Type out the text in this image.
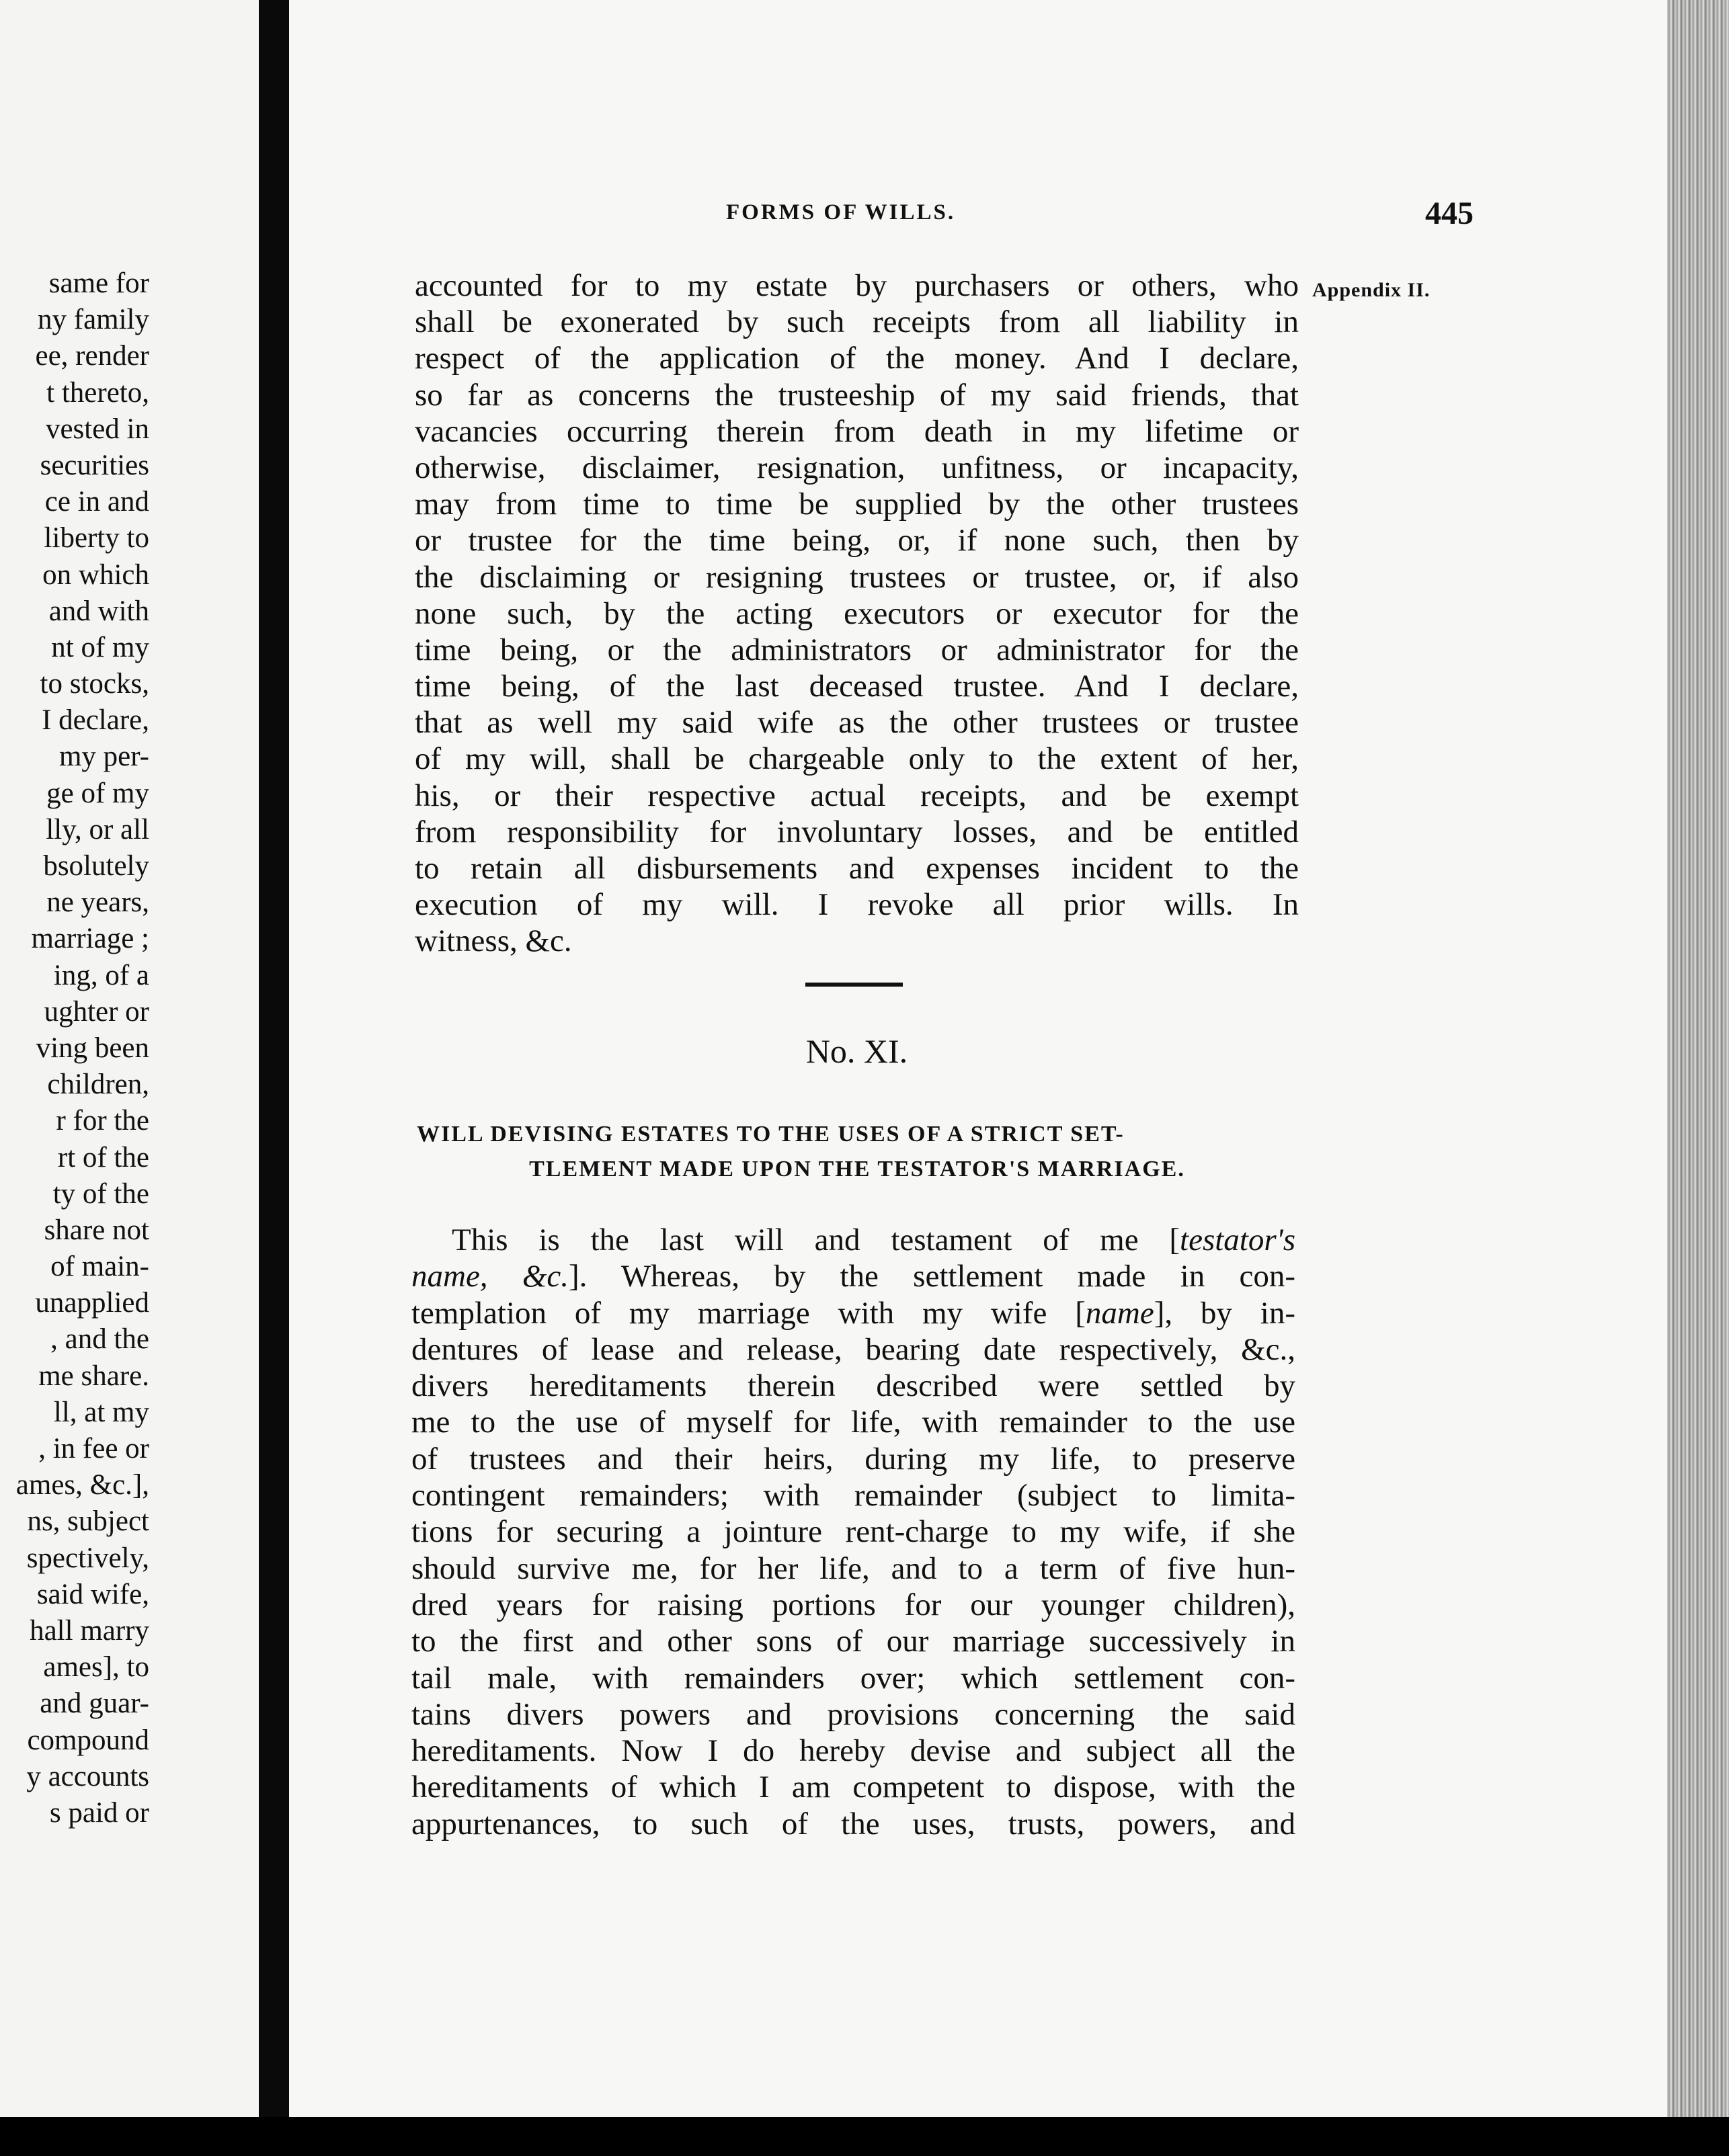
same for
ny family
ee, render
t thereto,
vested in
securities
ce in and
liberty to
on which
and with
nt of my
to stocks,
I declare,
my per-
ge of my
lly, or all
bsolutely
ne years,
marriage ;
ing, of a
ughter or
ving been
children,
r for the
rt of the
ty of the
share not
of main-
unapplied
, and the
me share.
ll, at my
, in fee or
ames, &c.],
ns, subject
spectively,
said wife,
hall marry
ames], to
and guar-
compound
y accounts
s paid or
FORMS OF WILLS.	445
Appendix II.
accounted for to my estate by purchasers or others, who
shall be exonerated by such receipts from all liability in
respect of the application of the money. And I declare,
so far as concerns the trusteeship of my said friends, that
vacancies occurring therein from death in my lifetime or
otherwise, disclaimer, resignation, unfitness, or incapacity,
may from time to time be supplied by the other trustees
or trustee for the time being, or, if none such, then by
the disclaiming or resigning trustees or trustee, or, if also
none such, by the acting executors or executor for the
time being, or the administrators or administrator for the
time being, of the last deceased trustee. And I declare,
that as well my said wife as the other trustees or trustee
of my will, shall be chargeable only to the extent of her,
his, or their respective actual receipts, and be exempt
from responsibility for involuntary losses, and be entitled
to retain all disbursements and expenses incident to the
execution of my will. I revoke all prior wills. In
witness, &c.
No. XI.
WILL DEVISING ESTATES TO THE USES OF A STRICT SET-
TLEMENT MADE UPON THE TESTATOR'S MARRIAGE.
This is the last will and testament of me [testator's
name, &c.]. Whereas, by the settlement made in con-
templation of my marriage with my wife [name], by in-
dentures of lease and release, bearing date respectively, &c.,
divers hereditaments therein described were settled by
me to the use of myself for life, with remainder to the use
of trustees and their heirs, during my life, to preserve
contingent remainders; with remainder (subject to limita-
tions for securing a jointure rent-charge to my wife, if she
should survive me, for her life, and to a term of five hun-
dred years for raising portions for our younger children),
to the first and other sons of our marriage successively in
tail male, with remainders over; which settlement con-
tains divers powers and provisions concerning the said
hereditaments. Now I do hereby devise and subject all the
hereditaments of which I am competent to dispose, with the
appurtenances, to such of the uses, trusts, powers, and
